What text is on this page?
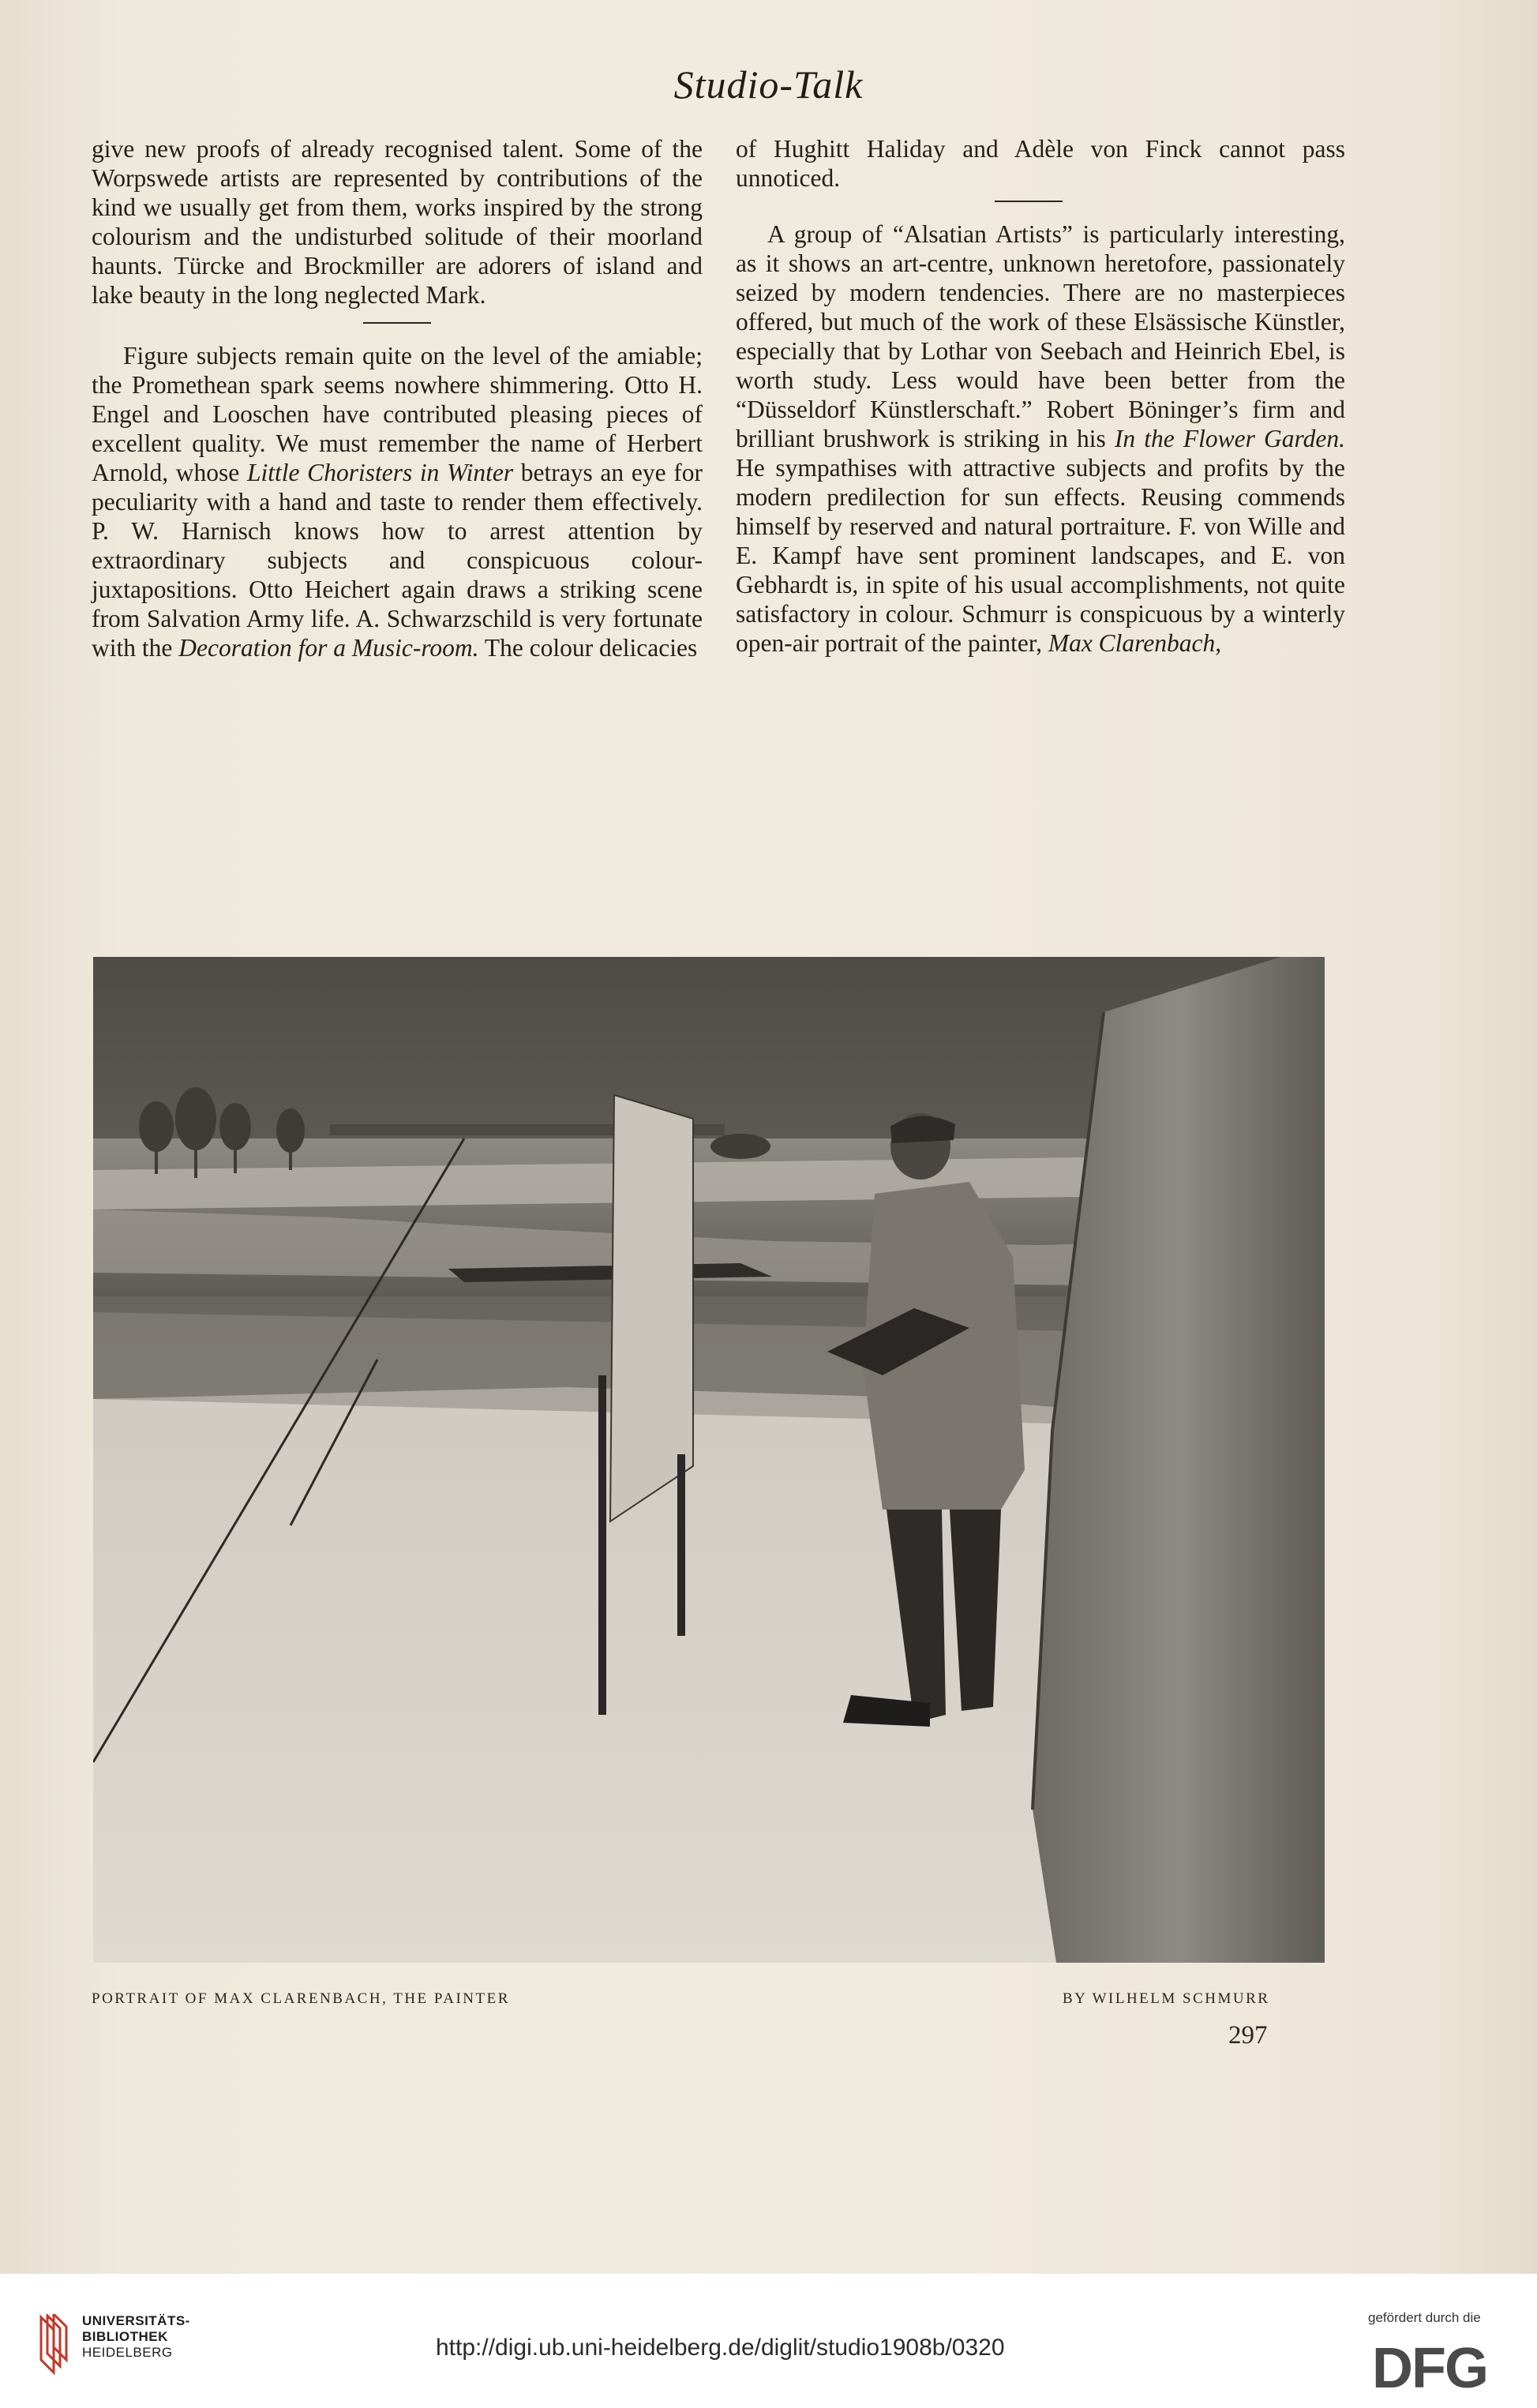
Studio-Talk

give new proofs of already recognised talent. Some of the Worpswede artists are represented by contributions of the kind we usually get from them, works inspired by the strong colourism and the undisturbed solitude of their moorland haunts. Türcke and Brockmiller are adorers of island and lake beauty in the long neglected Mark.

Figure subjects remain quite on the level of the amiable; the Promethean spark seems nowhere shimmering. Otto H. Engel and Looschen have contributed pleasing pieces of excellent quality. We must remember the name of Herbert Arnold, whose Little Choristers in Winter betrays an eye for peculiarity with a hand and taste to render them effectively. P. W. Harnisch knows how to arrest attention by extraordinary subjects and conspicuous colour-juxtapositions. Otto Heichert again draws a striking scene from Salvation Army life. A. Schwarzschild is very fortunate with the Decoration for a Music-room. The colour delicacies

of Hughitt Haliday and Adèle von Finck cannot pass unnoticed.

A group of “Alsatian Artists” is particularly interesting, as it shows an art-centre, unknown heretofore, passionately seized by modern tendencies. There are no masterpieces offered, but much of the work of these Elsässische Künstler, especially that by Lothar von Seebach and Heinrich Ebel, is worth study. Less would have been better from the “Düsseldorf Künstlerschaft.” Robert Böninger’s firm and brilliant brushwork is striking in his In the Flower Garden. He sympathises with attractive subjects and profits by the modern predilection for sun effects. Reusing commends himself by reserved and natural portraiture. F. von Wille and E. Kampf have sent prominent landscapes, and E. von Gebhardt is, in spite of his usual accomplishments, not quite satisfactory in colour. Schmurr is conspicuous by a winterly open-air portrait of the painter, Max Clarenbach,

PORTRAIT OF MAX CLARENBACH, THE PAINTER	BY WILHELM SCHMURR
297
UNIVERSITÄTS-
BIBLIOTHEK
HEIDELBERG	http://digi.ub.uni-heidelberg.de/diglit/studio1908b/0320
gefördert durch die
DFG
